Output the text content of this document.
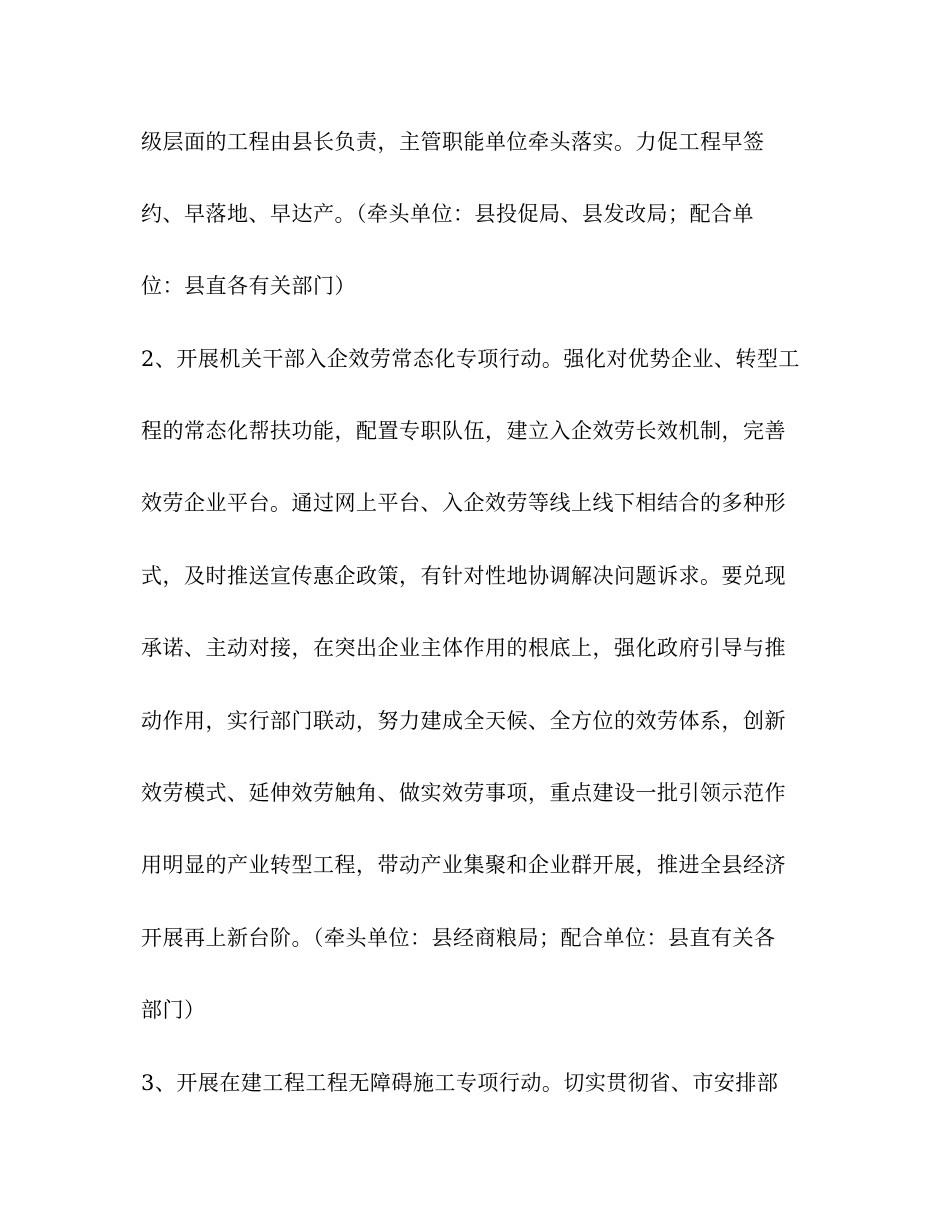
级层面的工程由县长负责，主管职能单位牵头落实。力促工程早签
约、早落地、早达产。（牵头单位：县投促局、县发改局；配合单
位：县直各有关部门）
2、开展机关干部入企效劳常态化专项行动。强化对优势企业、转型工
程的常态化帮扶功能，配置专职队伍，建立入企效劳长效机制，完善
效劳企业平台。通过网上平台、入企效劳等线上线下相结合的多种形
式，及时推送宣传惠企政策，有针对性地协调解决问题诉求。要兑现
承诺、主动对接，在突出企业主体作用的根底上，强化政府引导与推
动作用，实行部门联动，努力建成全天候、全方位的效劳体系，创新
效劳模式、延伸效劳触角、做实效劳事项，重点建设一批引领示范作
用明显的产业转型工程，带动产业集聚和企业群开展，推进全县经济
开展再上新台阶。（牵头单位：县经商粮局；配合单位：县直有关各
部门）
3、开展在建工程工程无障碍施工专项行动。切实贯彻省、市安排部
